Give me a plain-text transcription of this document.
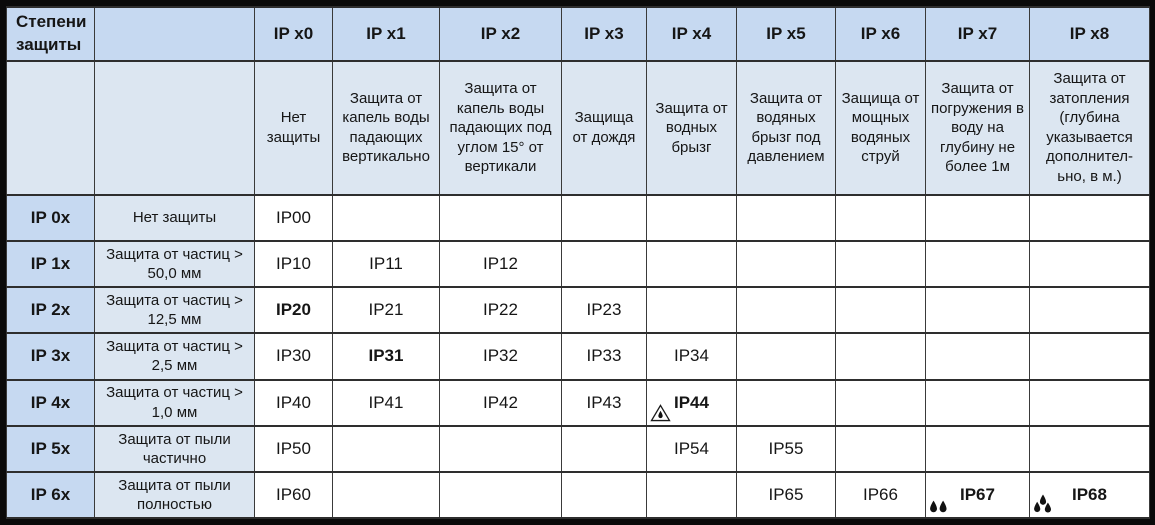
Степени защиты		IP x0	IP x1	IP x2	IP x3	IP x4	IP x5	IP x6	IP x7	IP x8
		Нет защиты	Защита от капель воды падающих вертикально	Защита от капель воды падающих под углом 15° от вертикали	Защища от дождя	Защита от водных брызг	Защита от водяных брызг под давлением	Защища от мощных водяных струй	Защита от погружения в воду на глубину не более 1м	Защита от затопления (глубина указывается дополнител-ьно, в м.)
IP 0x	Нет защиты	IP00								
IP 1x	Защита от частиц > 50,0 мм	IP10	IP11	IP12						
IP 2x	Защита от частиц > 12,5 мм	IP20	IP21	IP22	IP23					
IP 3x	Защита от частиц > 2,5 мм	IP30	IP31	IP32	IP33	IP34				
IP 4x	Защита от частиц > 1,0 мм	IP40	IP41	IP42	IP43	IP44				
IP 5x	Защита от пыли частично	IP50				IP54	IP55			
IP 6x	Защита от пыли полностью	IP60					IP65	IP66	IP67	IP68
